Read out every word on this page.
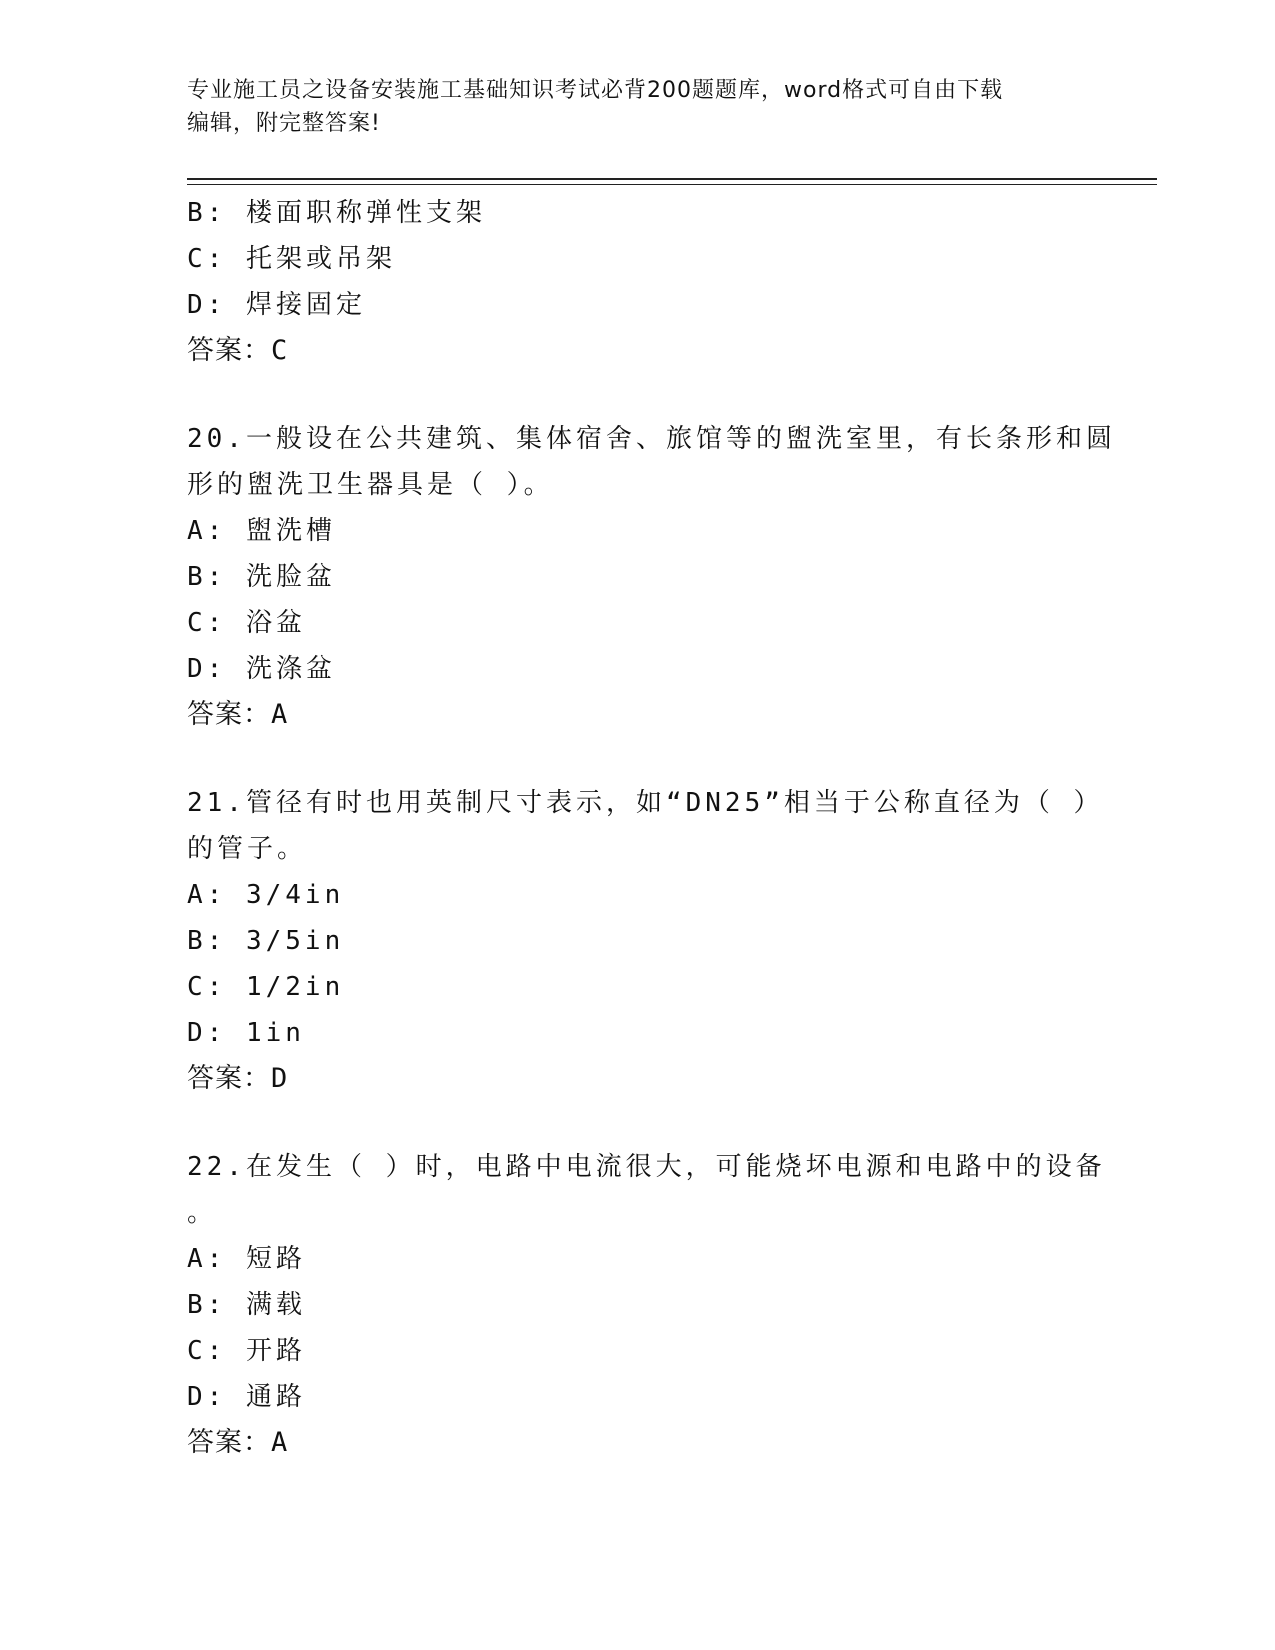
专业施工员之设备安装施工基础知识考试必背200题题库，word格式可自由下载
编辑，附完整答案!
B: 楼面职称弹性支架
C: 托架或吊架
D: 焊接固定
答案：C
20.一般设在公共建筑、集体宿舍、旅馆等的盥洗室里，有长条形和圆
形的盥洗卫生器具是（ ）。
A: 盥洗槽
B: 洗脸盆
C: 浴盆
D: 洗涤盆
答案：A
21.管径有时也用英制尺寸表示，如“DN25”相当于公称直径为（ ）
的管子。
A: 3/4in
B: 3/5in
C: 1/2in
D: 1in
答案：D
22.在发生（ ）时，电路中电流很大，可能烧坏电源和电路中的设备
。
A: 短路
B: 满载
C: 开路
D: 通路
答案：A
